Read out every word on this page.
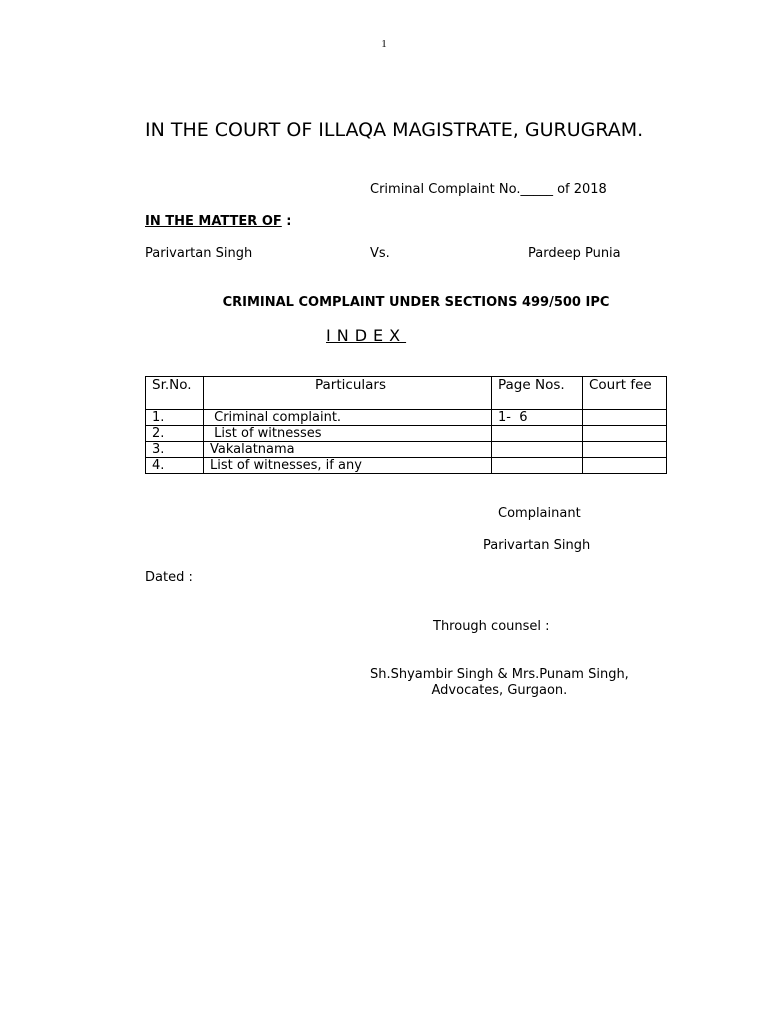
1
IN THE COURT OF ILLAQA MAGISTRATE, GURUGRAM.
Criminal Complaint No._____ of 2018
IN THE MATTER OF :
Parivartan Singh	Vs.	Pardeep Punia
CRIMINAL COMPLAINT UNDER SECTIONS 499/500 IPC
INDEX
Sr.No.	Particulars	Page Nos.	Court fee
1.	Criminal complaint.	1-  6	
2.	List of witnesses		
3.	Vakalatnama		
4.	List of witnesses, if any		
Complainant
Parivartan Singh
Dated :
Through counsel :
Sh.Shyambir Singh & Mrs.Punam Singh,
Advocates, Gurgaon.
